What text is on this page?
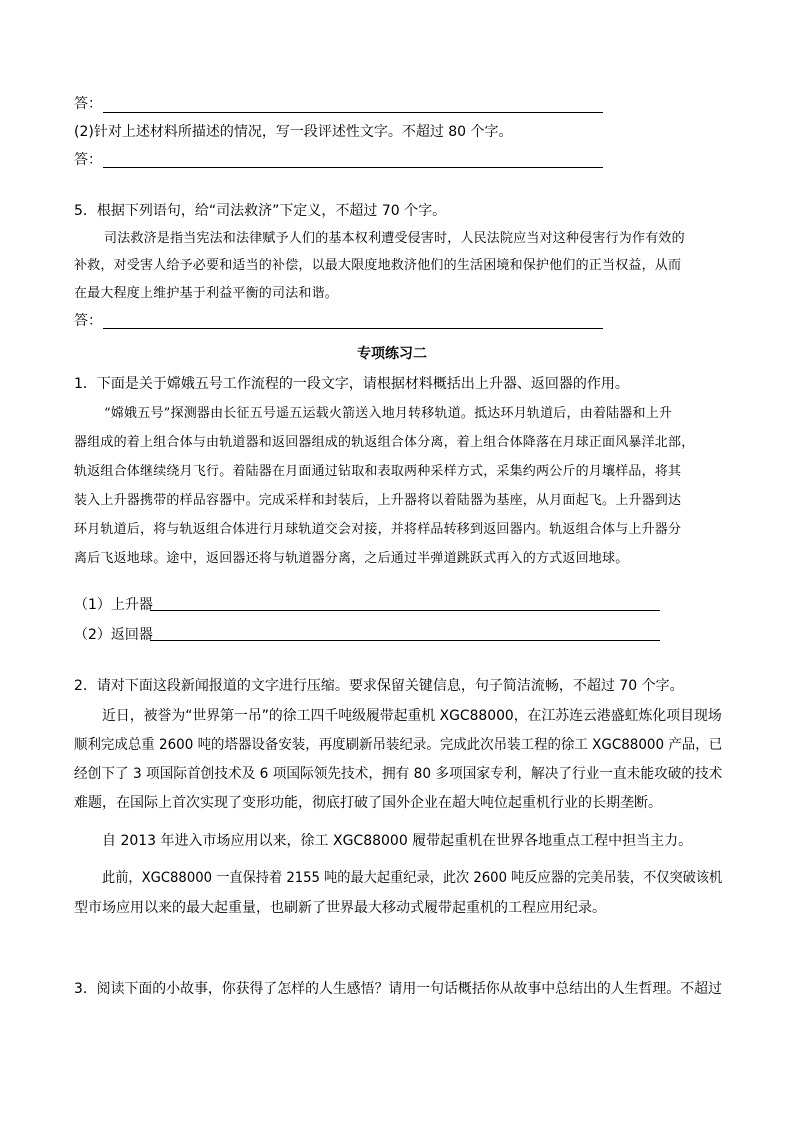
答：
(2)针对上述材料所描述的情况，写一段评述性文字。不超过 80 个字。
答：
5．根据下列语句，给“司法救济”下定义，不超过 70 个字。
司法救济是指当宪法和法律赋予人们的基本权利遭受侵害时，人民法院应当对这种侵害行为作有效的
补救，对受害人给予必要和适当的补偿，以最大限度地救济他们的生活困境和保护他们的正当权益，从而
在最大程度上维护基于利益平衡的司法和谐。
答：
专项练习二
1．下面是关于嫦娥五号工作流程的一段文字，请根据材料概括出上升器、返回器的作用。
“嫦娥五号”探测器由长征五号遥五运载火箭送入地月转移轨道。抵达环月轨道后，由着陆器和上升
器组成的着上组合体与由轨道器和返回器组成的轨返组合体分离，着上组合体降落在月球正面风暴洋北部，
轨返组合体继续绕月飞行。着陆器在月面通过钻取和表取两种采样方式，采集约两公斤的月壤样品，将其
装入上升器携带的样品容器中。完成采样和封装后，上升器将以着陆器为基座，从月面起飞。上升器到达
环月轨道后，将与轨返组合体进行月球轨道交会对接，并将样品转移到返回器内。轨返组合体与上升器分
离后飞返地球。途中，返回器还将与轨道器分离，之后通过半弹道跳跃式再入的方式返回地球。
（1）上升器
（2）返回器
2．请对下面这段新闻报道的文字进行压缩。要求保留关键信息，句子简洁流畅，不超过 70 个字。
近日，被誉为“世界第一吊”的徐工四千吨级履带起重机 XGC88000，在江苏连云港盛虹炼化项目现场
顺利完成总重 2600 吨的塔器设备安装，再度刷新吊装纪录。完成此次吊装工程的徐工 XGC88000 产品，已
经创下了 3 项国际首创技术及 6 项国际领先技术，拥有 80 多项国家专利，解决了行业一直未能攻破的技术
难题，在国际上首次实现了变形功能，彻底打破了国外企业在超大吨位起重机行业的长期垄断。
自 2013 年进入市场应用以来，徐工 XGC88000 履带起重机在世界各地重点工程中担当主力。
此前，XGC88000 一直保持着 2155 吨的最大起重纪录，此次 2600 吨反应器的完美吊装，不仅突破该机
型市场应用以来的最大起重量，也刷新了世界最大移动式履带起重机的工程应用纪录。
3．阅读下面的小故事，你获得了怎样的人生感悟？请用一句话概括你从故事中总结出的人生哲理。不超过
